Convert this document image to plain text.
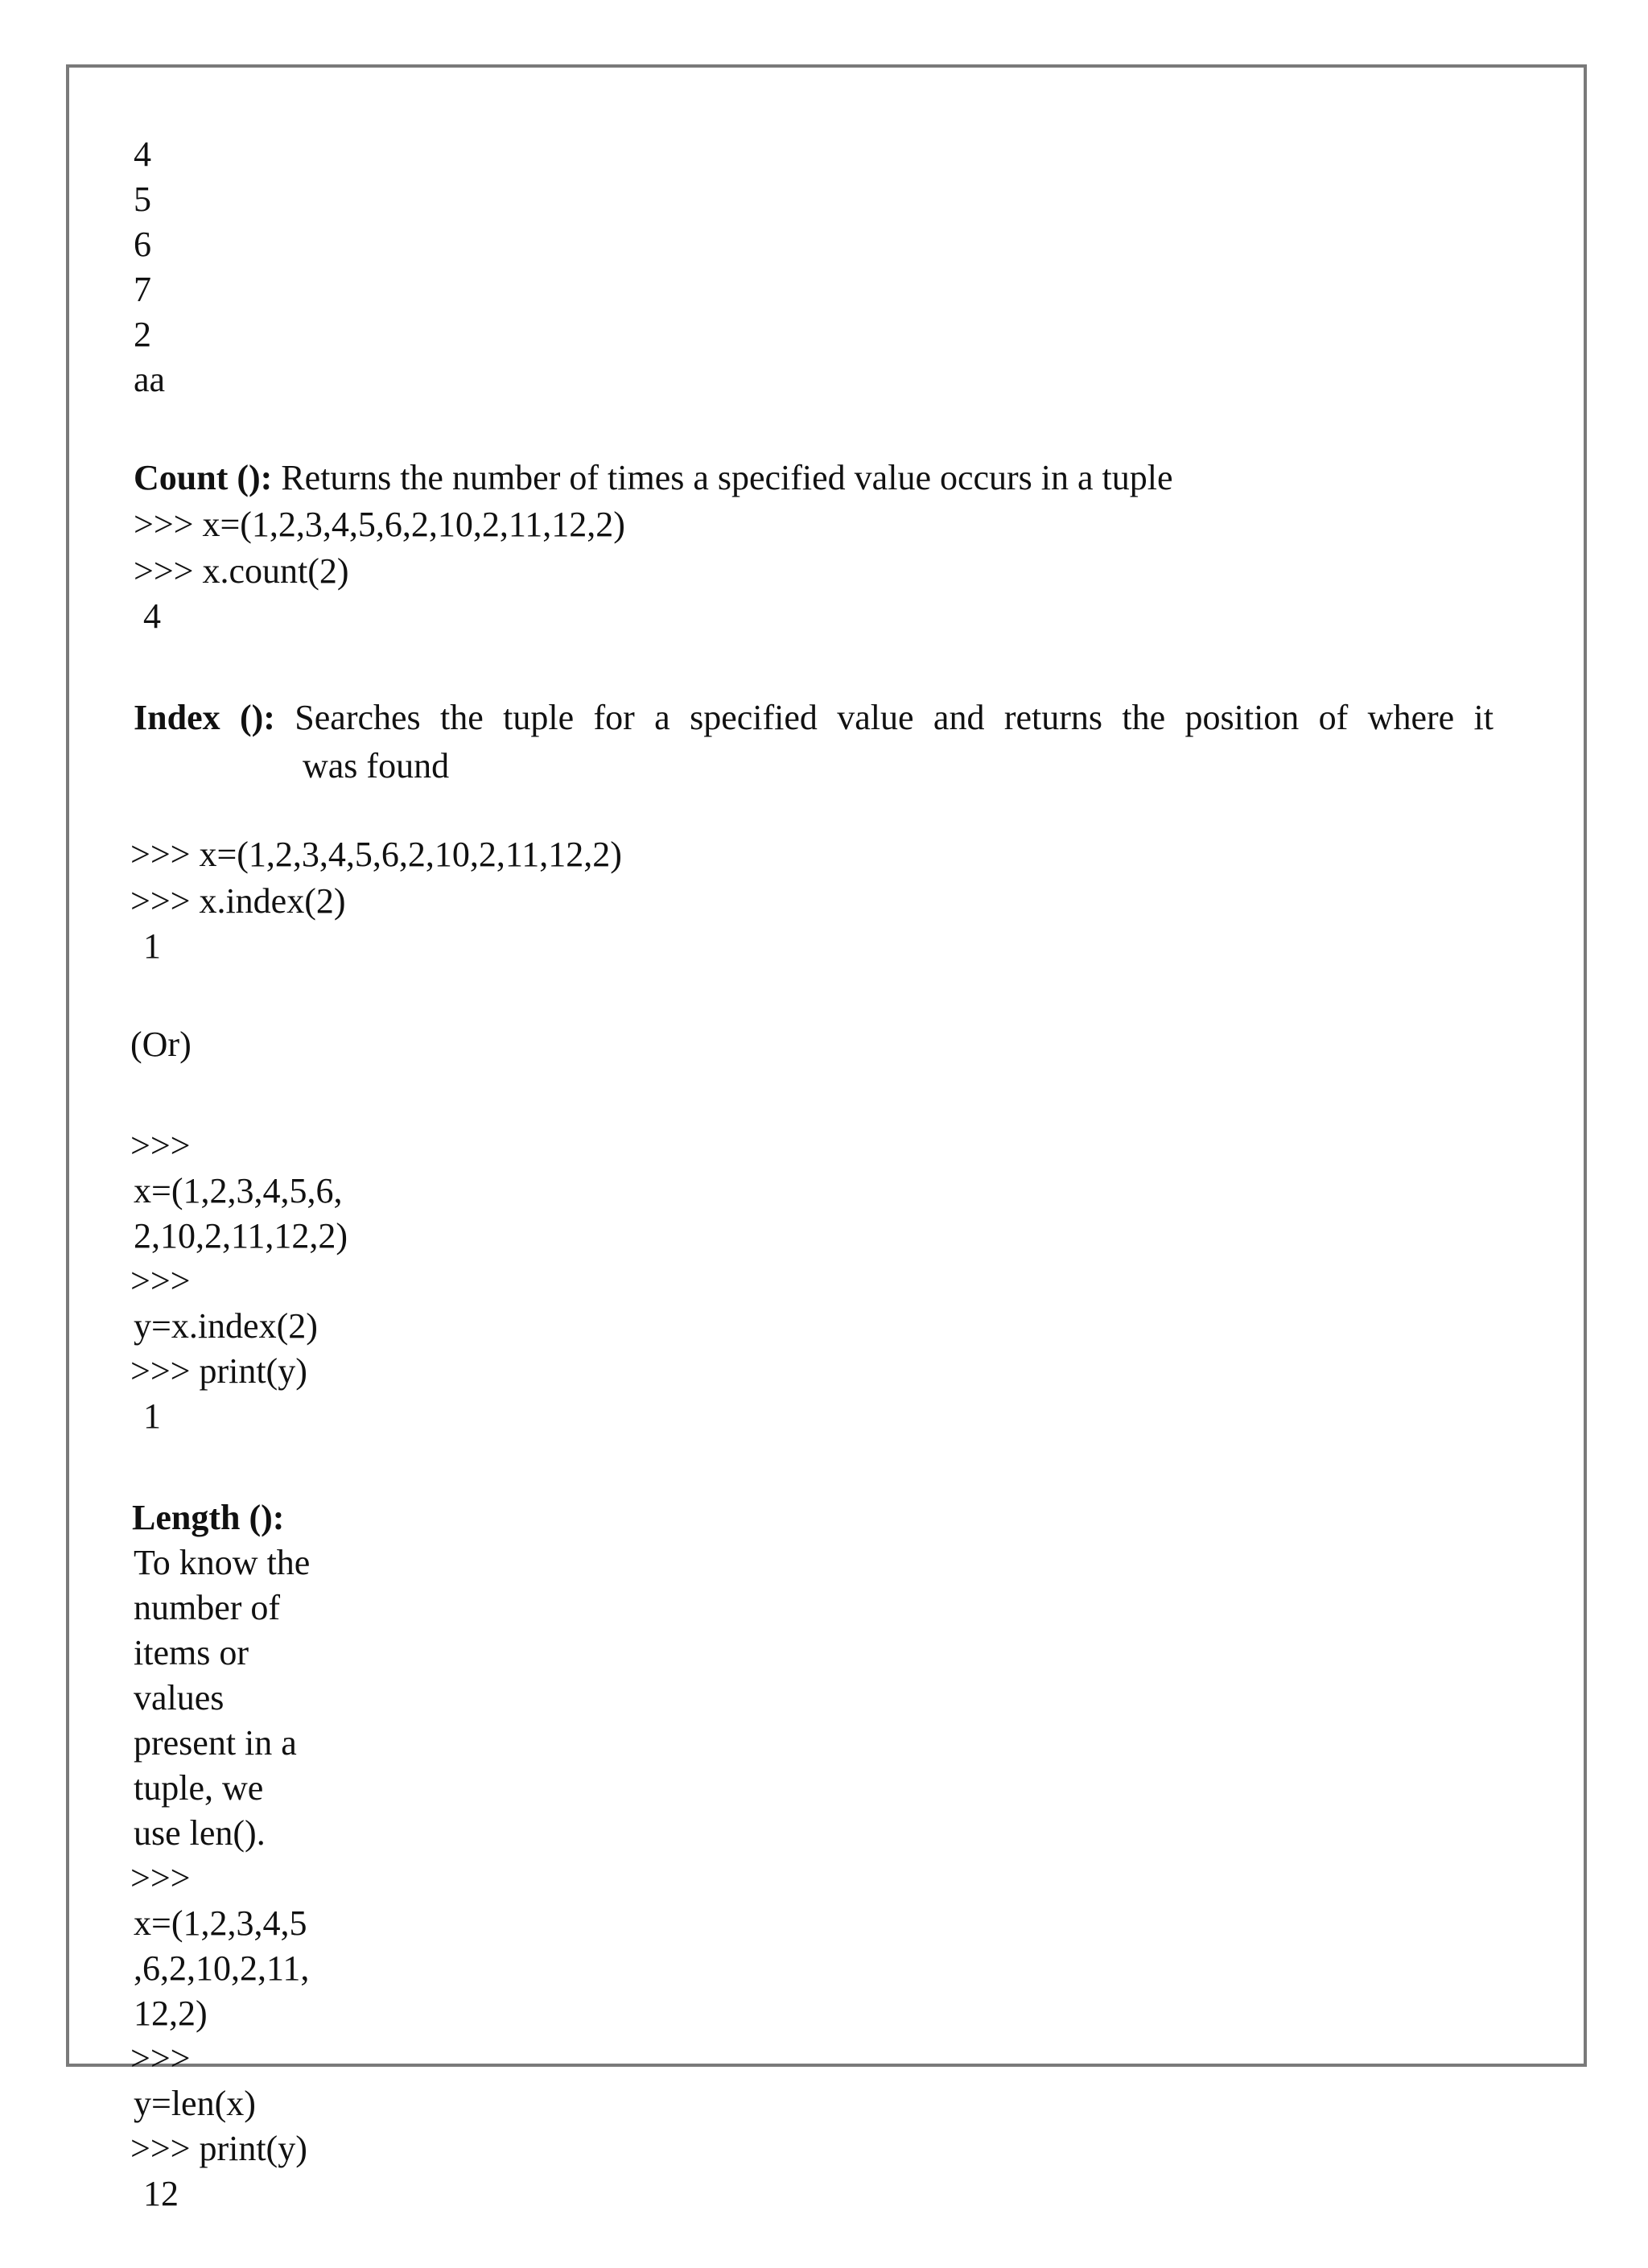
4

5

6

7

2

aa

Count (): Returns the number of times a specified value occurs in a tuple

>>> x=(1,2,3,4,5,6,2,10,2,11,12,2)

>>> x.count(2)

4

Index (): Searches the tuple for a specified value and returns the position of where it

was found

>>> x=(1,2,3,4,5,6,2,10,2,11,12,2)

>>> x.index(2)

1

(Or)

>>>

x=(1,2,3,4,5,6,

2,10,2,11,12,2)

>>>

y=x.index(2)

>>> print(y)

1

Length ():

To know the

number of

items or

values

present in a

tuple, we

use len().

>>>

x=(1,2,3,4,5

,6,2,10,2,11,

12,2)

>>>

y=len(x)

>>> print(y)

12
